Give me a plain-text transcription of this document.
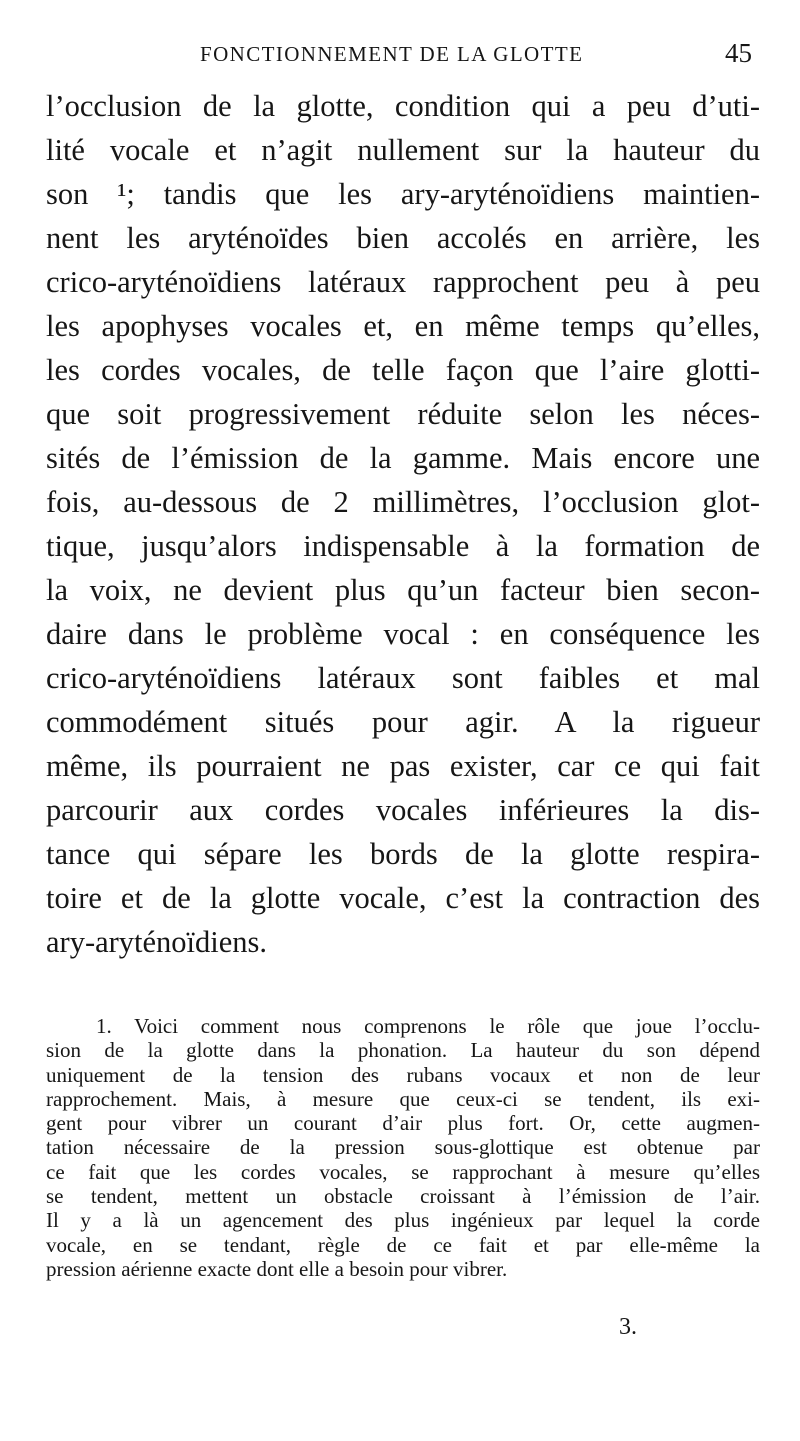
FONCTIONNEMENT DE LA GLOTTE	45
l’occlusion de la glotte, condition qui a peu d’uti-
lité vocale et n’agit nullement sur la hauteur du
son ¹; tandis que les ary-aryténoïdiens maintien-
nent les aryténoïdes bien accolés en arrière, les
crico-aryténoïdiens latéraux rapprochent peu à peu
les apophyses vocales et, en même temps qu’elles,
les cordes vocales, de telle façon que l’aire glotti-
que soit progressivement réduite selon les néces-
sités de l’émission de la gamme. Mais encore une
fois, au-dessous de 2 millimètres, l’occlusion glot-
tique, jusqu’alors indispensable à la formation de
la voix, ne devient plus qu’un facteur bien secon-
daire dans le problème vocal : en conséquence les
crico-aryténoïdiens latéraux sont faibles et mal
commodément situés pour agir. A la rigueur
même, ils pourraient ne pas exister, car ce qui fait
parcourir aux cordes vocales inférieures la dis-
tance qui sépare les bords de la glotte respira-
toire et de la glotte vocale, c’est la contraction des
ary-aryténoïdiens.
1. Voici comment nous comprenons le rôle que joue l’occlu-
sion de la glotte dans la phonation. La hauteur du son dépend
uniquement de la tension des rubans vocaux et non de leur
rapprochement. Mais, à mesure que ceux-ci se tendent, ils exi-
gent pour vibrer un courant d’air plus fort. Or, cette augmen-
tation nécessaire de la pression sous-glottique est obtenue par
ce fait que les cordes vocales, se rapprochant à mesure qu’elles
se tendent, mettent un obstacle croissant à l’émission de l’air.
Il y a là un agencement des plus ingénieux par lequel la corde
vocale, en se tendant, règle de ce fait et par elle-même la
pression aérienne exacte dont elle a besoin pour vibrer.
3.
